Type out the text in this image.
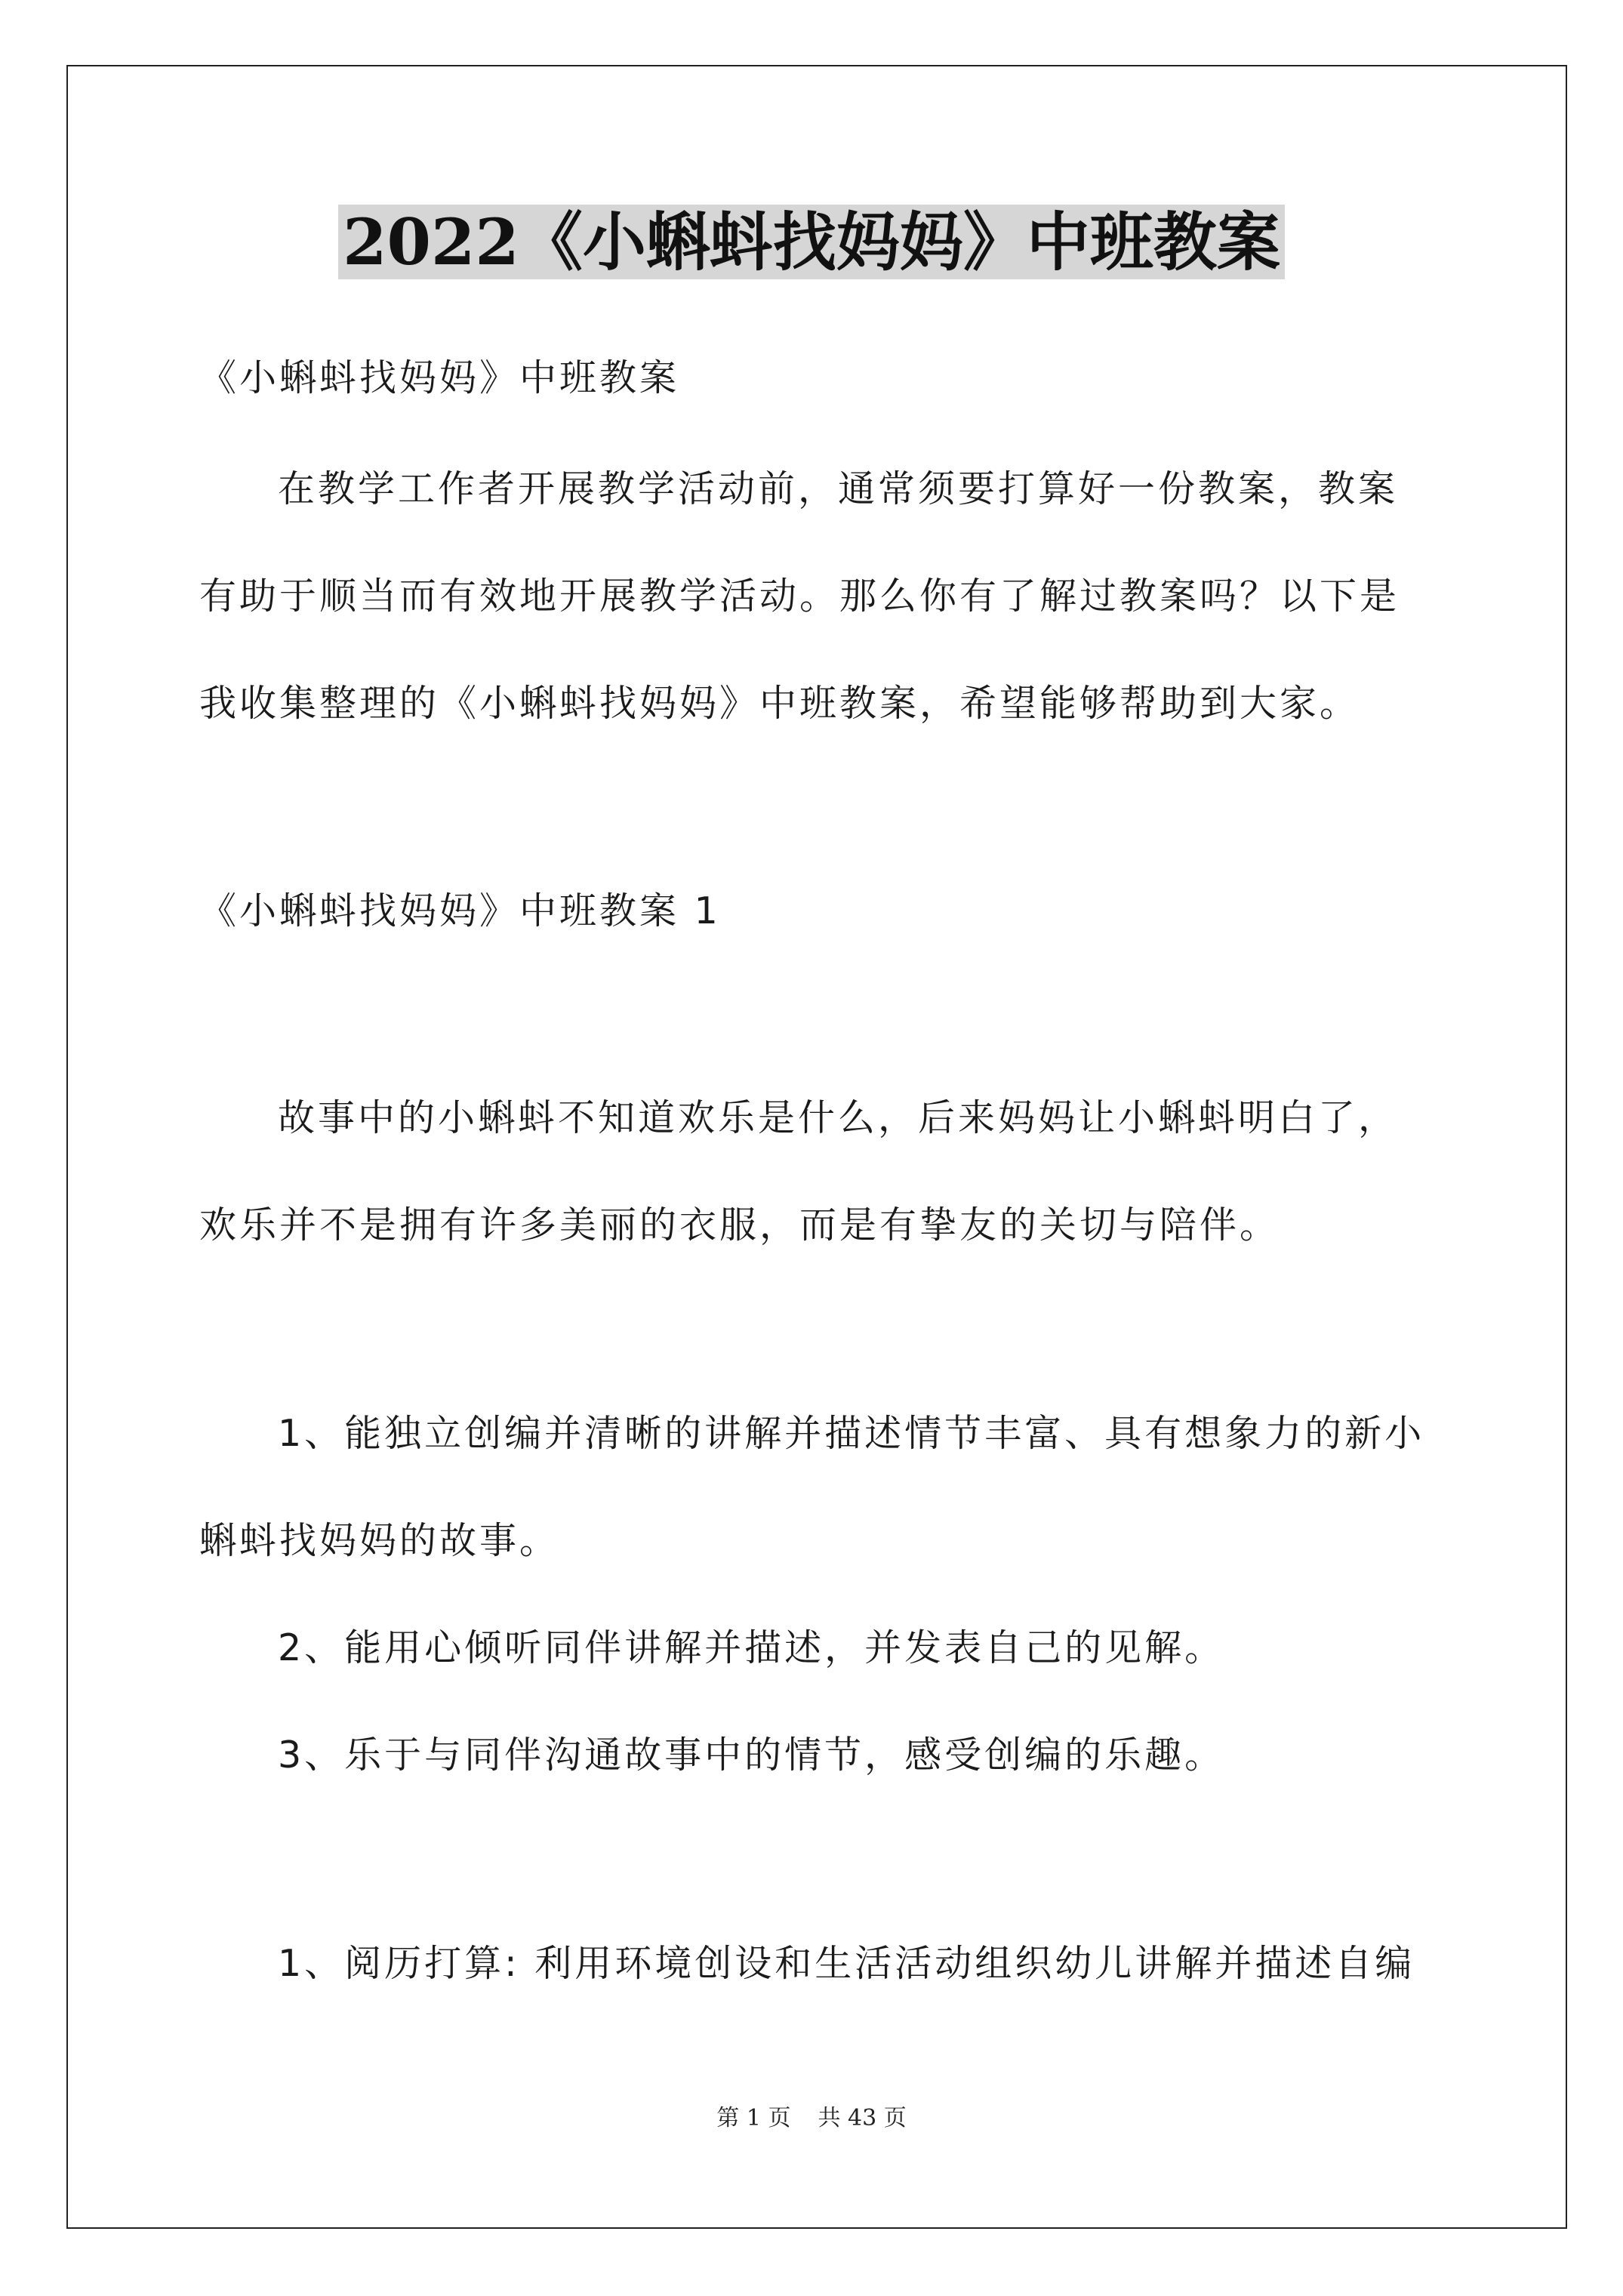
2022《小蝌蚪找妈妈》中班教案

《小蝌蚪找妈妈》中班教案

在教学工作者开展教学活动前，通常须要打算好一份教案，教案

有助于顺当而有效地开展教学活动。那么你有了解过教案吗？以下是

我收集整理的《小蝌蚪找妈妈》中班教案，希望能够帮助到大家。

《小蝌蚪找妈妈》中班教案 1

故事中的小蝌蚪不知道欢乐是什么，后来妈妈让小蝌蚪明白了，

欢乐并不是拥有许多美丽的衣服，而是有挚友的关切与陪伴。

1、能独立创编并清晰的讲解并描述情节丰富、具有想象力的新小

蝌蚪找妈妈的故事。

2、能用心倾听同伴讲解并描述，并发表自己的见解。

3、乐于与同伴沟通故事中的情节，感受创编的乐趣。

1、阅历打算: 利用环境创设和生活活动组织幼儿讲解并描述自编

第 1 页 共 43 页
